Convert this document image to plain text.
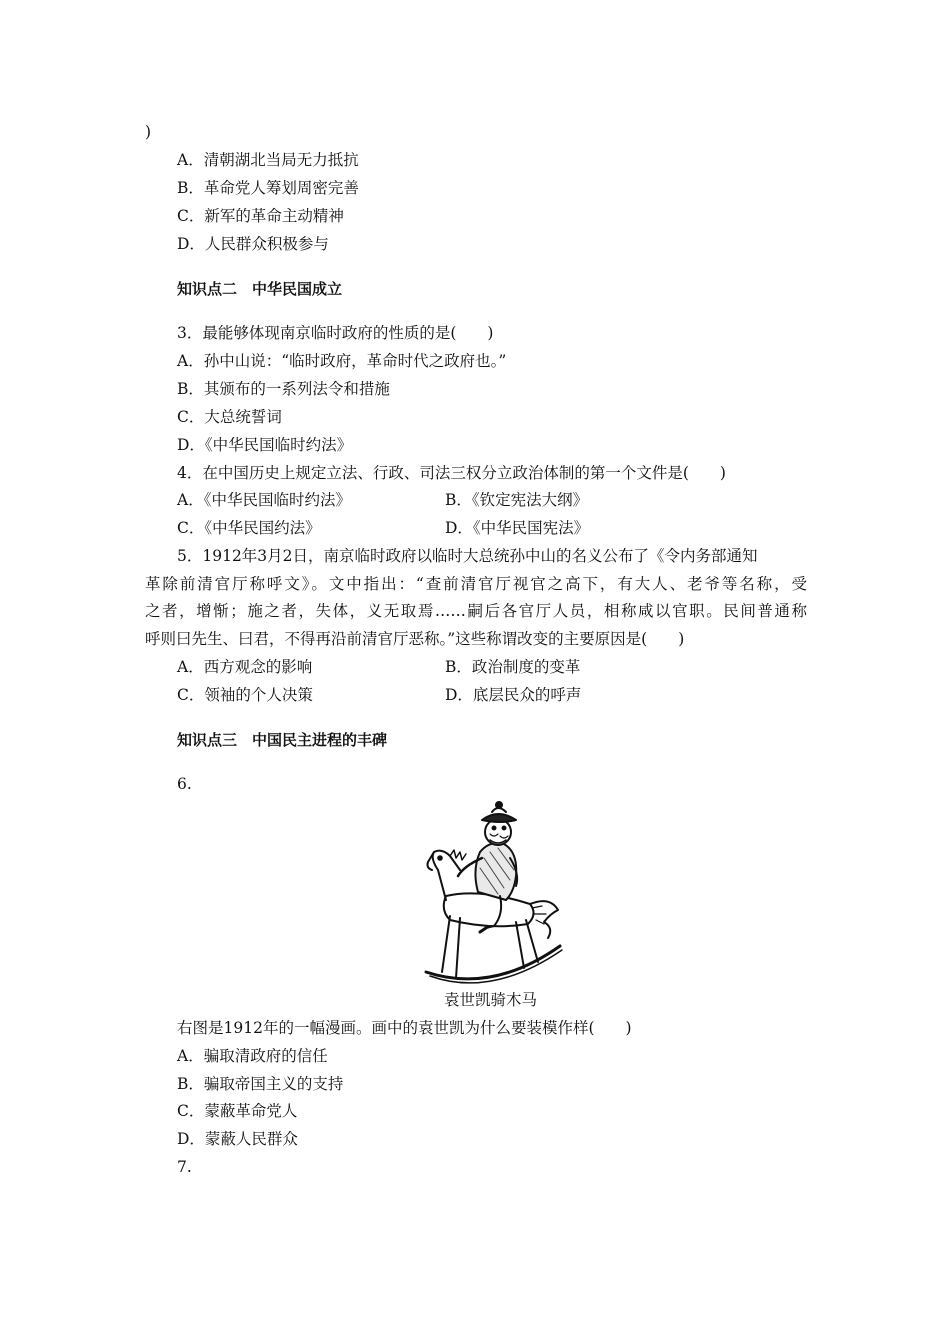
)

A．清朝湖北当局无力抵抗

B．革命党人筹划周密完善

C．新军的革命主动精神

D．人民群众积极参与

知识点二　中华民国成立

3．最能够体现南京临时政府的性质的是(　　)

A．孙中山说：“临时政府，革命时代之政府也。”

B．其颁布的一系列法令和措施

C．大总统誓词

D．《中华民国临时约法》

4．在中国历史上规定立法、行政、司法三权分立政治体制的第一个文件是(　　)

A．《中华民国临时约法》	B．《钦定宪法大纲》

C．《中华民国约法》	D．《中华民国宪法》

5．1912年3月2日，南京临时政府以临时大总统孙中山的名义公布了《令内务部通知

革除前清官厅称呼文》。文中指出：“查前清官厅视官之高下，有大人、老爷等名称，受

之者，增惭；施之者，失体，义无取焉……嗣后各官厅人员，相称咸以官职。民间普通称

呼则曰先生、曰君，不得再沿前清官厅恶称。”这些称谓改变的主要原因是(　　)

A．西方观念的影响	B．政治制度的变革

C．领袖的个人决策	D．底层民众的呼声

知识点三　中国民主进程的丰碑

6.

袁世凯骑木马

右图是1912年的一幅漫画。画中的袁世凯为什么要装模作样(　　)

A．骗取清政府的信任

B．骗取帝国主义的支持

C．蒙蔽革命党人

D．蒙蔽人民群众

7.
